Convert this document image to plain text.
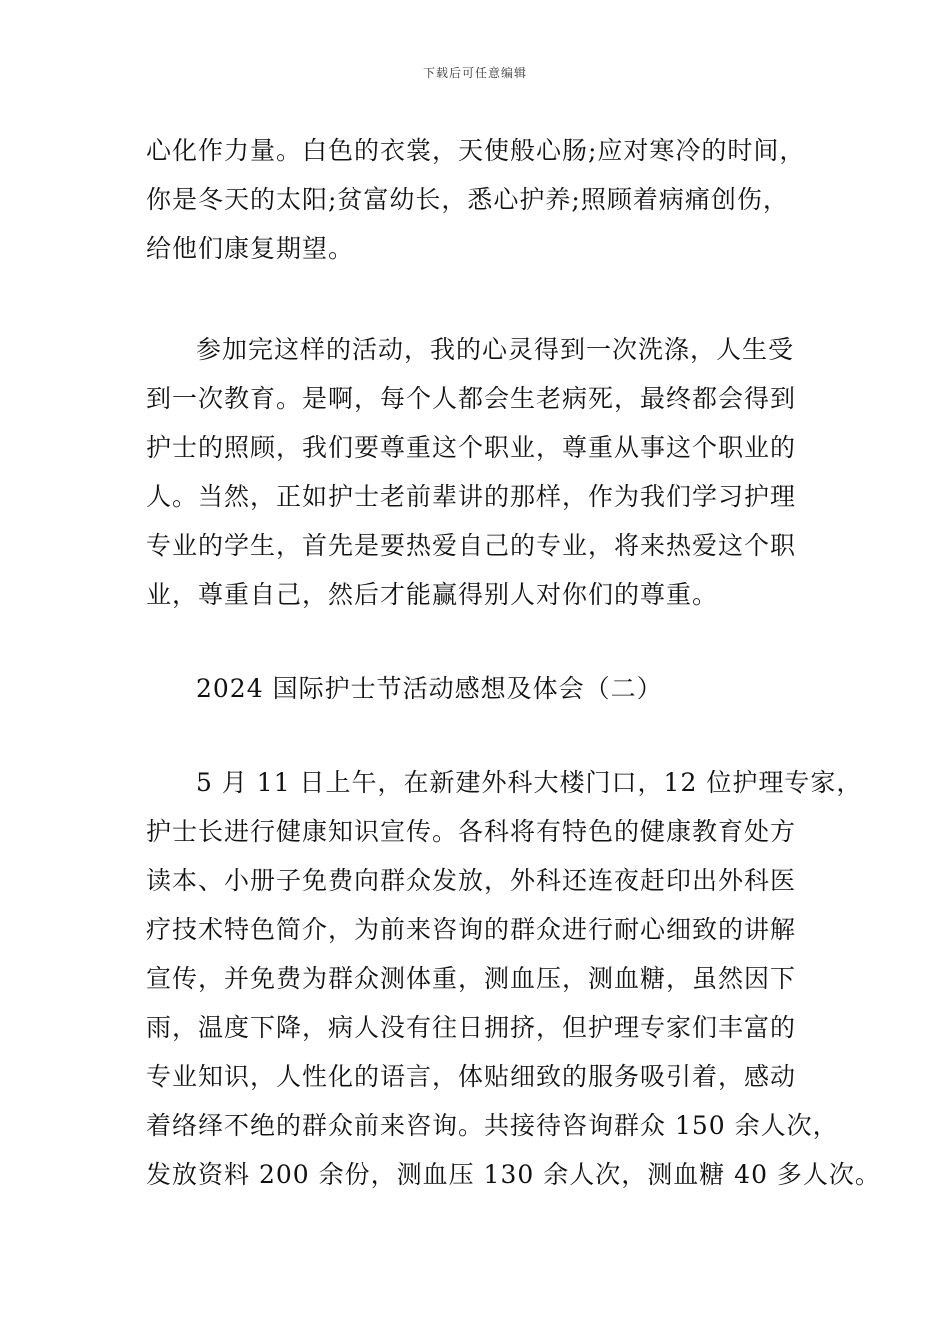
下载后可任意编辑
心化作力量。白色的衣裳，天使般心肠;应对寒冷的时间，
你是冬天的太阳;贫富幼长，悉心护养;照顾着病痛创伤，
给他们康复期望。
参加完这样的活动，我的心灵得到一次洗涤，人生受
到一次教育。是啊，每个人都会生老病死，最终都会得到
护士的照顾，我们要尊重这个职业，尊重从事这个职业的
人。当然，正如护士老前辈讲的那样，作为我们学习护理
专业的学生，首先是要热爱自己的专业，将来热爱这个职
业，尊重自己，然后才能赢得别人对你们的尊重。
2024 国际护士节活动感想及体会（二）
5 月 11 日上午，在新建外科大楼门口，12 位护理专家，
护士长进行健康知识宣传。各科将有特色的健康教育处方
读本、小册子免费向群众发放，外科还连夜赶印出外科医
疗技术特色简介，为前来咨询的群众进行耐心细致的讲解
宣传，并免费为群众测体重，测血压，测血糖，虽然因下
雨，温度下降，病人没有往日拥挤，但护理专家们丰富的
专业知识，人性化的语言，体贴细致的服务吸引着，感动
着络绎不绝的群众前来咨询。共接待咨询群众 150 余人次，
发放资料 200 余份，测血压 130 余人次，测血糖 40 多人次。
